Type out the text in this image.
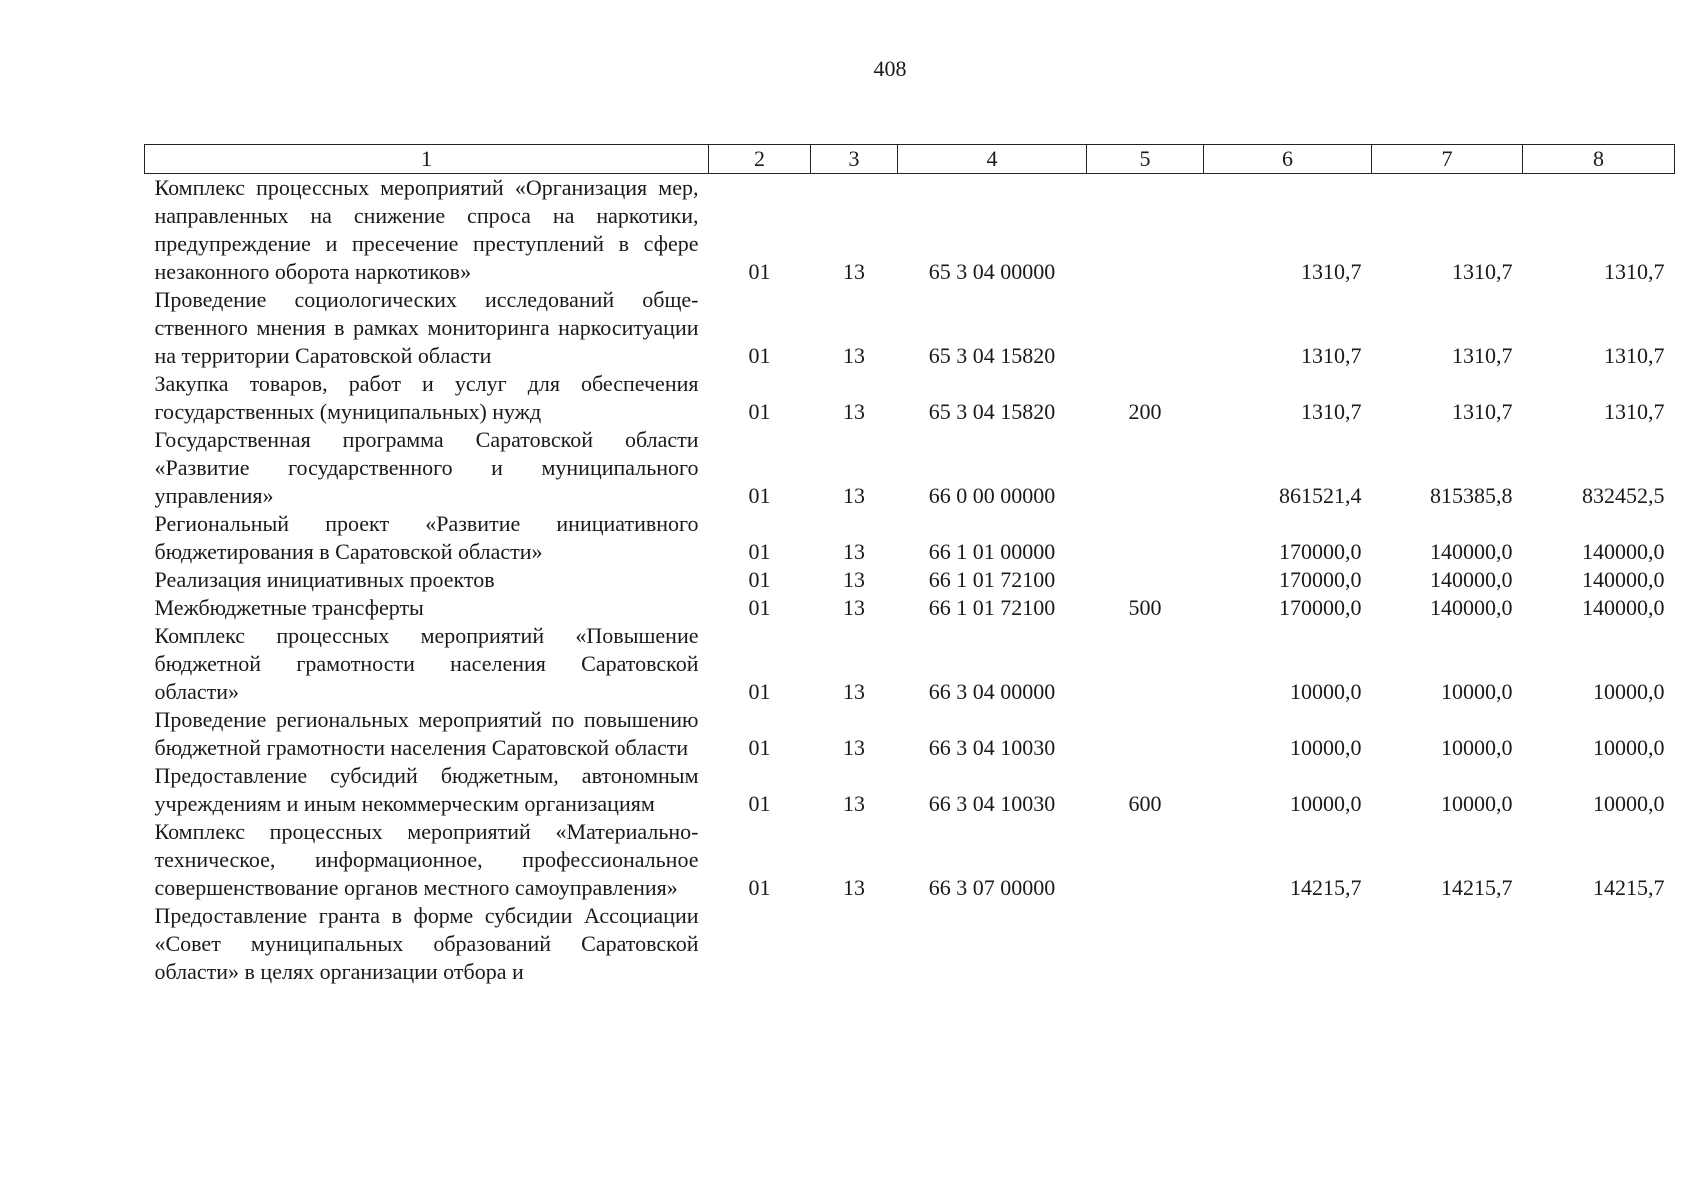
408
1	2	3	4	5	6	7	8
Комплекс процессных мероприятий «Организация мер, направленных на снижение спроса на наркотики, предупреждение и пресечение преступлений в сфере незаконного оборота наркотиков»	01	13	65 3 04 00000		1310,7	1310,7	1310,7
Проведение социологических исследований общественного мнения в рамках мониторинга наркоситуации на территории Саратовской области	01	13	65 3 04 15820		1310,7	1310,7	1310,7
Закупка товаров, работ и услуг для обеспечения государственных (муниципальных) нужд	01	13	65 3 04 15820	200	1310,7	1310,7	1310,7
Государственная программа Саратовской области «Развитие государственного и муниципального управления»	01	13	66 0 00 00000		861521,4	815385,8	832452,5
Региональный проект «Развитие инициативного бюджетирования в Саратовской области»	01	13	66 1 01 00000		170000,0	140000,0	140000,0
Реализация инициативных проектов	01	13	66 1 01 72100		170000,0	140000,0	140000,0
Межбюджетные трансферты	01	13	66 1 01 72100	500	170000,0	140000,0	140000,0
Комплекс процессных мероприятий «Повышение бюджетной грамотности населения Саратовской области»	01	13	66 3 04 00000		10000,0	10000,0	10000,0
Проведение региональных мероприятий по повышению бюджетной грамотности населения Саратовской области	01	13	66 3 04 10030		10000,0	10000,0	10000,0
Предоставление субсидий бюджетным, автономным учреждениям и иным некоммерческим организациям	01	13	66 3 04 10030	600	10000,0	10000,0	10000,0
Комплекс процессных мероприятий «Материально-техническое, информационное, профессиональное совершенствование органов местного самоуправления»	01	13	66 3 07 00000		14215,7	14215,7	14215,7
Предоставление гранта в форме субсидии Ассоциации «Совет муниципальных образований Саратовской области» в целях организации отбора и							
